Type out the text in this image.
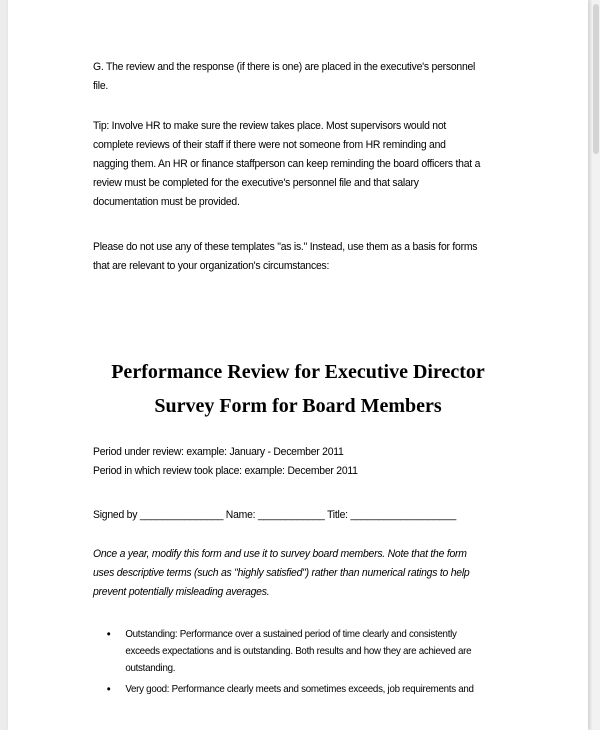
G. The review and the response (if there is one) are placed in the executive's personnel

file.

Tip: Involve HR to make sure the review takes place. Most supervisors would not

complete reviews of their staff if there were not someone from HR reminding and

nagging them. An HR or finance staffperson can keep reminding the board officers that a

review must be completed for the executive's personnel file and that salary

documentation must be provided.

Please do not use any of these templates "as is." Instead, use them as a basis for forms

that are relevant to your organization's circumstances:

Performance Review for Executive Director
Survey Form for Board Members

Period under review: example: January - December 2011

Period in which review took place: example: December 2011

Signed by _______________ Name: ____________ Title: ___________________

Once a year, modify this form and use it to survey board members. Note that the form

uses descriptive terms (such as "highly satisfied") rather than numerical ratings to help

prevent potentially misleading averages.

• Outstanding: Performance over a sustained period of time clearly and consistently
exceeds expectations and is outstanding. Both results and how they are achieved are
outstanding.
• Very good: Performance clearly meets and sometimes exceeds, job requirements and
